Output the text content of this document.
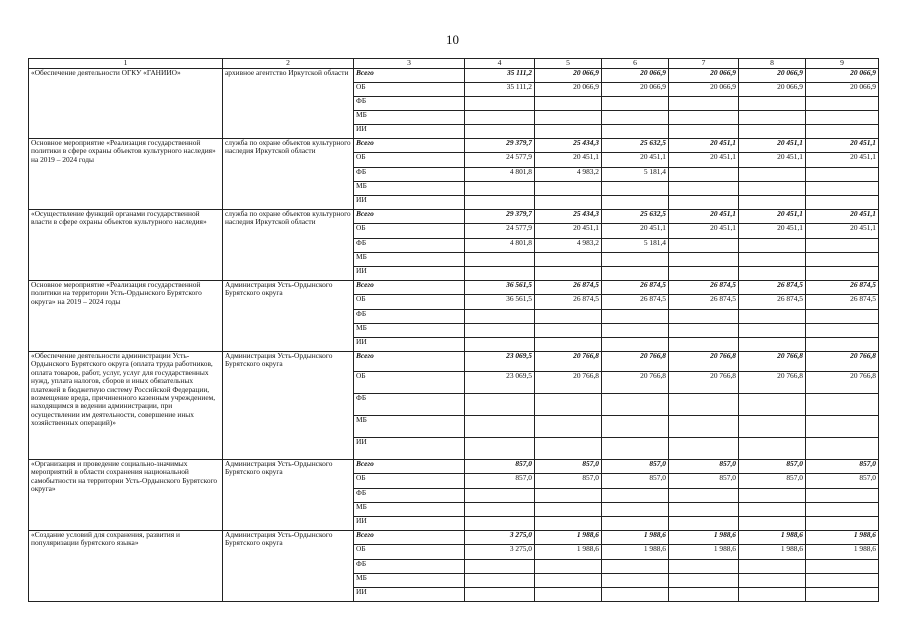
10
1	2	3	4	5	6	7	8	9
«Обеспечение деятельности ОГКУ «ГАНИИО»	архивное агентство Иркутской области	Всего	35 111,2	20 066,9	20 066,9	20 066,9	20 066,9	20 066,9
		ОБ	35 111,2	20 066,9	20 066,9	20 066,9	20 066,9	20 066,9
		ФБ						
		МБ						
		ИИ						
Основное мероприятие «Реализация государственной политики в сфере охраны объектов культурного наследия» на 2019 – 2024 годы	служба по охране объектов культурного наследия Иркутской области	Всего	29 379,7	25 434,3	25 632,5	20 451,1	20 451,1	20 451,1
		ОБ	24 577,9	20 451,1	20 451,1	20 451,1	20 451,1	20 451,1
		ФБ	4 801,8	4 983,2	5 181,4			
		МБ						
		ИИ						
«Осуществление функций органами государственной власти в сфере охраны объектов культурного наследия»	служба по охране объектов культурного наследия Иркутской области	Всего	29 379,7	25 434,3	25 632,5	20 451,1	20 451,1	20 451,1
		ОБ	24 577,9	20 451,1	20 451,1	20 451,1	20 451,1	20 451,1
		ФБ	4 801,8	4 983,2	5 181,4			
		МБ						
		ИИ						
Основное мероприятие «Реализация государственной политики на территории Усть-Ордынского Бурятского округа» на 2019 – 2024 годы	Администрация Усть-Ордынского Бурятского округа	Всего	36 561,5	26 874,5	26 874,5	26 874,5	26 874,5	26 874,5
		ОБ	36 561,5	26 874,5	26 874,5	26 874,5	26 874,5	26 874,5
		ФБ						
		МБ						
		ИИ						
«Обеспечение деятельности администрации Усть-Ордынского Бурятского округа (оплата труда работников, оплата товаров, работ, услуг, услуг для государственных нужд, уплата налогов, сборов и иных обязательных платежей в бюджетную систему Российской Федерации, возмещение вреда, причиненного казенным учреждением, находящимся в ведении администрации, при осуществлении им деятельности, совершение иных хозяйственных операций)»	Администрация Усть-Ордынского Бурятского округа	Всего	23 069,5	20 766,8	20 766,8	20 766,8	20 766,8	20 766,8
		ОБ	23 069,5	20 766,8	20 766,8	20 766,8	20 766,8	20 766,8
		ФБ						
		МБ						
		ИИ						
«Организация и проведение социально-значимых мероприятий в области сохранения национальной самобытности на территории Усть-Ордынского Бурятского округа»	Администрация Усть-Ордынского Бурятского округа	Всего	857,0	857,0	857,0	857,0	857,0	857,0
		ОБ	857,0	857,0	857,0	857,0	857,0	857,0
		ФБ						
		МБ						
		ИИ						
«Создание условий для сохранения, развития и популяризации бурятского языка»	Администрация Усть-Ордынского Бурятского округа	Всего	3 275,0	1 988,6	1 988,6	1 988,6	1 988,6	1 988,6
		ОБ	3 275,0	1 988,6	1 988,6	1 988,6	1 988,6	1 988,6
		ФБ						
		МБ						
		ИИ						
